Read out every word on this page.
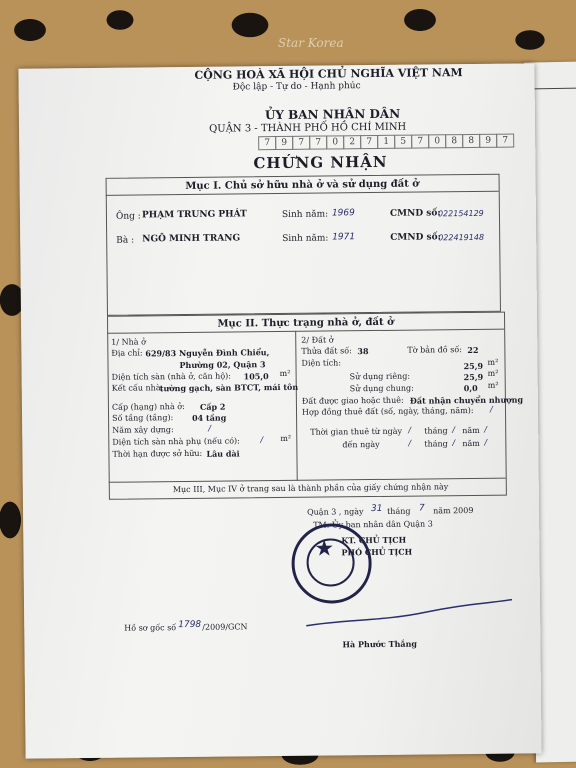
Star Korea
CỘNG HOÀ XÃ HỘI CHỦ NGHĨA VIỆT NAM
Độc lập - Tự do - Hạnh phúc
ỦY BAN NHÂN DÂN
QUẬN 3 - THÀNH PHỐ HỒ CHÍ MINH
7	9	7	7	0	2	7	1	5	7	0	8	8	9	7
CHỨNG NHẬN
Mục I. Chủ sở hữu nhà ở và sử dụng đất ở
Ông : PHẠM TRUNG PHÁT	Sinh năm: 1969	CMND số:
022154129
Bà : NGÔ MINH TRANG	Sinh năm: 1971	CMND số:
022419148
Mục II. Thực trạng nhà ở, đất ở
Mục III, Mục IV ở trang sau là thành phần của giấy chứng nhận này
1/ Nhà ở
Địa chỉ: 629/83 Nguyễn Đình Chiểu,
Phường 02, Quận 3
Diện tích sàn (nhà ở, căn hộ): 105,0 m²
Kết cấu nhà:
tường gạch, sàn BTCT, mái tôn
Cấp (hạng) nhà ở: Cấp 2
Số tầng (tầng): 04 tầng
Năm xây dựng:	/
Diện tích sàn nhà phụ (nếu có):	/ m²
Thời hạn được sở hữu: Lâu dài
2/ Đất ở
Thửa đất số: 38	Tờ bản đồ số: 22
Diện tích:	25,9 m²
Sử dụng riêng:	25,9 m²
Sử dụng chung:	0,0 m²
Đất được giao hoặc thuê: Đất nhận chuyển nhượng
Hợp đồng thuê đất (số, ngày, tháng, năm): /
Thời gian thuê từ ngày / tháng / năm /
đến ngày	/ tháng / năm /
Quận 3 , ngày 31 tháng 7 năm 2009
TM. Ủy ban nhân dân Quận 3
KT. CHỦ TỊCH
PHÓ CHỦ TỊCH
★
Hồ sơ gốc số 1798 /2009/GCN
Hà Phước Thắng
